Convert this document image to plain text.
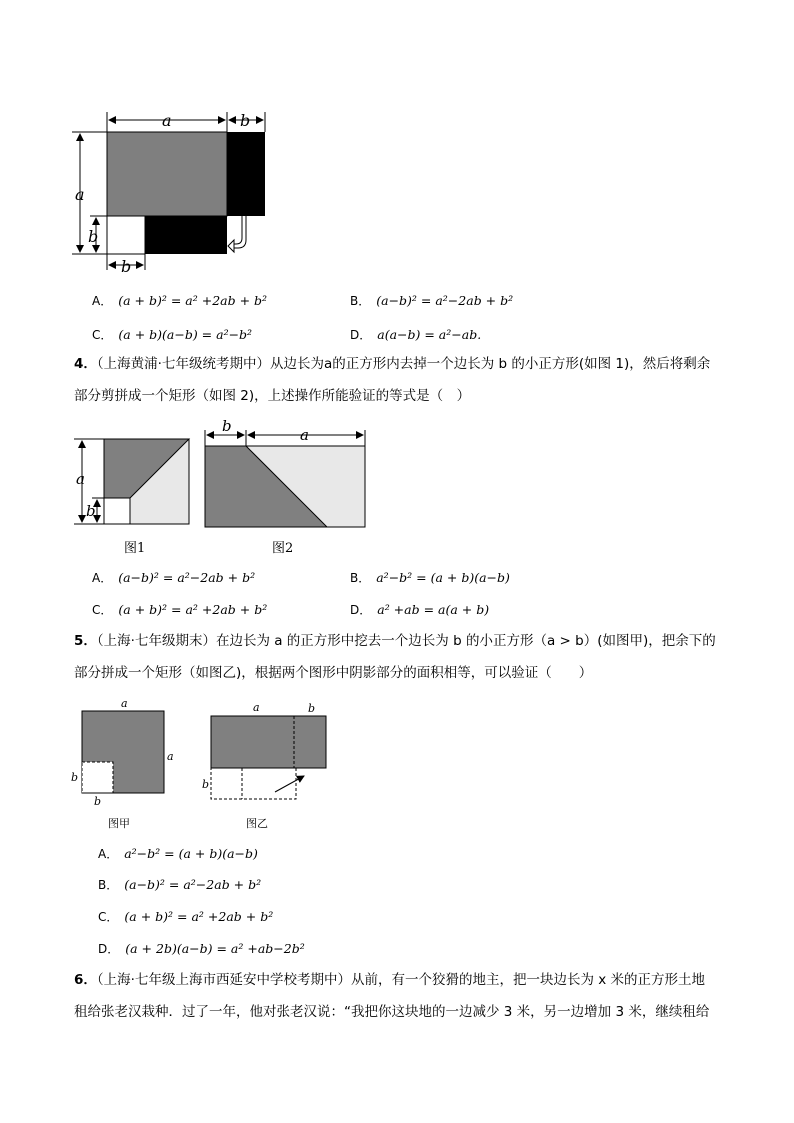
a	b
a
b
b
A． (a + b)² = a² +2ab + b²	B． (a−b)² = a²−2ab + b²
C． (a + b)(a−b) = a²−b²	D． a(a−b) = a²−ab.
4．（上海黄浦·七年级统考期中）从边长为a的正方形内去掉一个边长为 b 的小正方形(如图 1)，然后将剩余
部分剪拼成一个矩形（如图 2)，上述操作所能验证的等式是（　）
a
b
b	a
图1	图2
A． (a−b)² = a²−2ab + b²	B． a²−b² = (a + b)(a−b)
C． (a + b)² = a² +2ab + b²	D． a² +ab = a(a + b)
5．（上海·七年级期末）在边长为 a 的正方形中挖去一个边长为 b 的小正方形（a > b）(如图甲)，把余下的
部分拼成一个矩形（如图乙)，根据两个图形中阴影部分的面积相等，可以验证（　　）
a
a
b
b
a	b
b
图甲	图乙
A． a²−b² = (a + b)(a−b)
B． (a−b)² = a²−2ab + b²
C． (a + b)² = a² +2ab + b²
D． (a + 2b)(a−b) = a² +ab−2b²
6．（上海·七年级上海市西延安中学校考期中）从前，有一个狡猾的地主，把一块边长为 x 米的正方形土地
租给张老汉栽种．过了一年，他对张老汉说：“我把你这块地的一边减少 3 米，另一边增加 3 米，继续租给
